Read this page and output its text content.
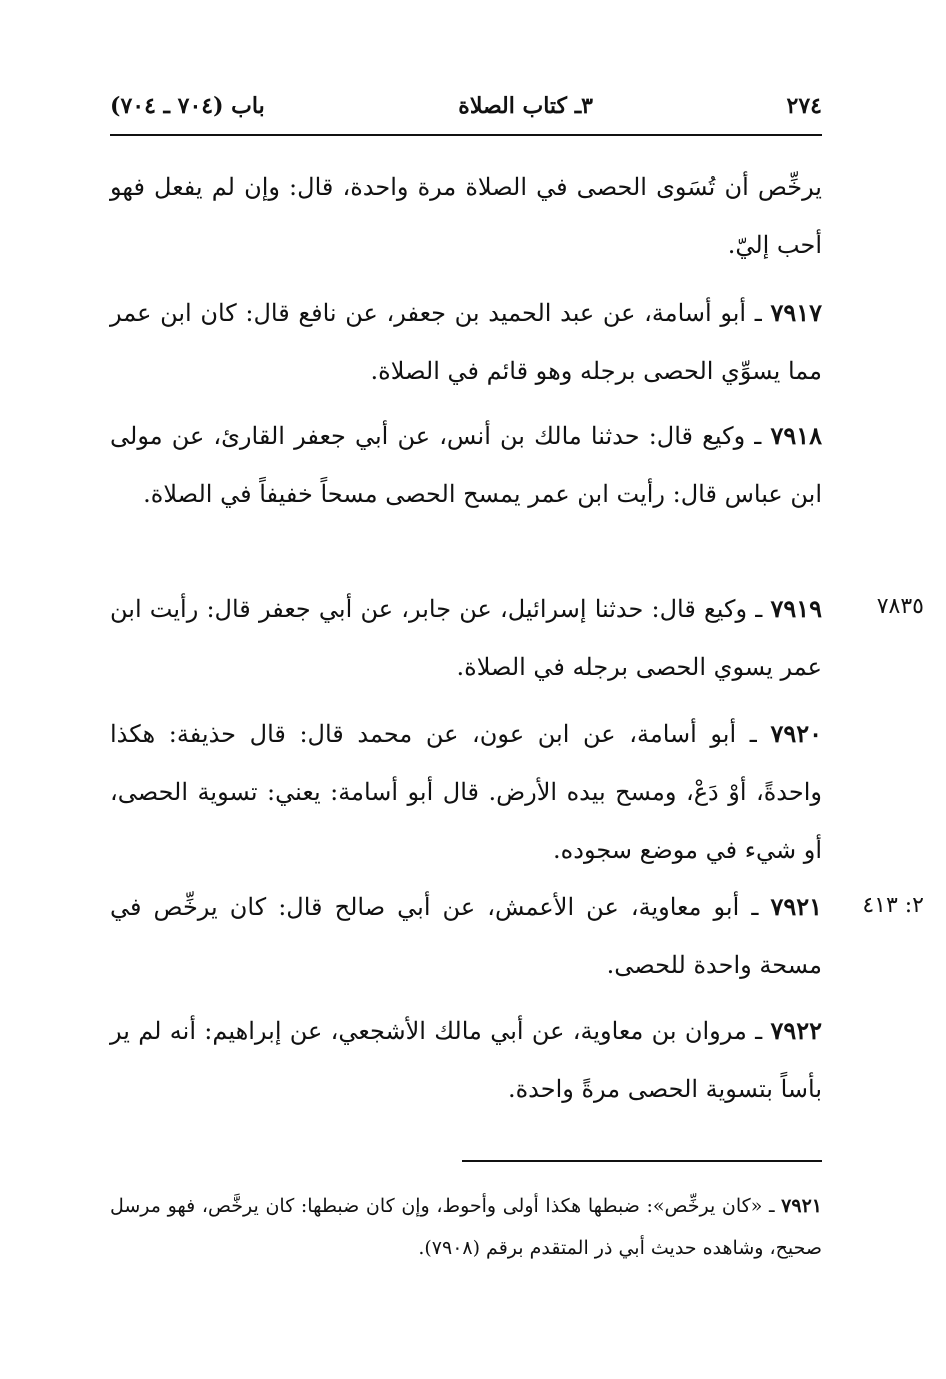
٢٧٤
٣ـ كتاب الصلاة
باب (٧٠٤ ـ ٧٠٤)
يرخِّص أن تُسَوى الحصى في الصلاة مرة واحدة، قال: وإن لم يفعل فهو أحب إليّ.
٧٩١٧ ـ أبو أسامة، عن عبد الحميد بن جعفر، عن نافع قال: كان ابن عمر مما يسوِّي الحصى برجله وهو قائم في الصلاة.
٧٩١٨ ـ وكيع قال: حدثنا مالك بن أنس، عن أبي جعفر القارئ، عن مولى ابن عباس قال: رأيت ابن عمر يمسح الحصى مسحاً خفيفاً في الصلاة.
٧٩١٩ ـ وكيع قال: حدثنا إسرائيل، عن جابر، عن أبي جعفر قال: رأيت ابن عمر يسوي الحصى برجله في الصلاة.
٧٨٣٥
٧٩٢٠ ـ أبو أسامة، عن ابن عون، عن محمد قال: قال حذيفة: هكذا واحدةً، أوْ دَعْ، ومسح بيده الأرض. قال أبو أسامة: يعني: تسوية الحصى، أو شيء في موضع سجوده.
٧٩٢١ ـ أبو معاوية، عن الأعمش، عن أبي صالح قال: كان يرخِّص في مسحة واحدة للحصى.
٢: ٤١٣
٧٩٢٢ ـ مروان بن معاوية، عن أبي مالك الأشجعي، عن إبراهيم: أنه لم ير بأساً بتسوية الحصى مرةً واحدة.
٧٩٢١ ـ «كان يرخِّص»: ضبطها هكذا أولى وأحوط، وإن كان ضبطها: كان يرخَّص، فهو مرسل صحيح، وشاهده حديث أبي ذر المتقدم برقم (٧٩٠٨).
